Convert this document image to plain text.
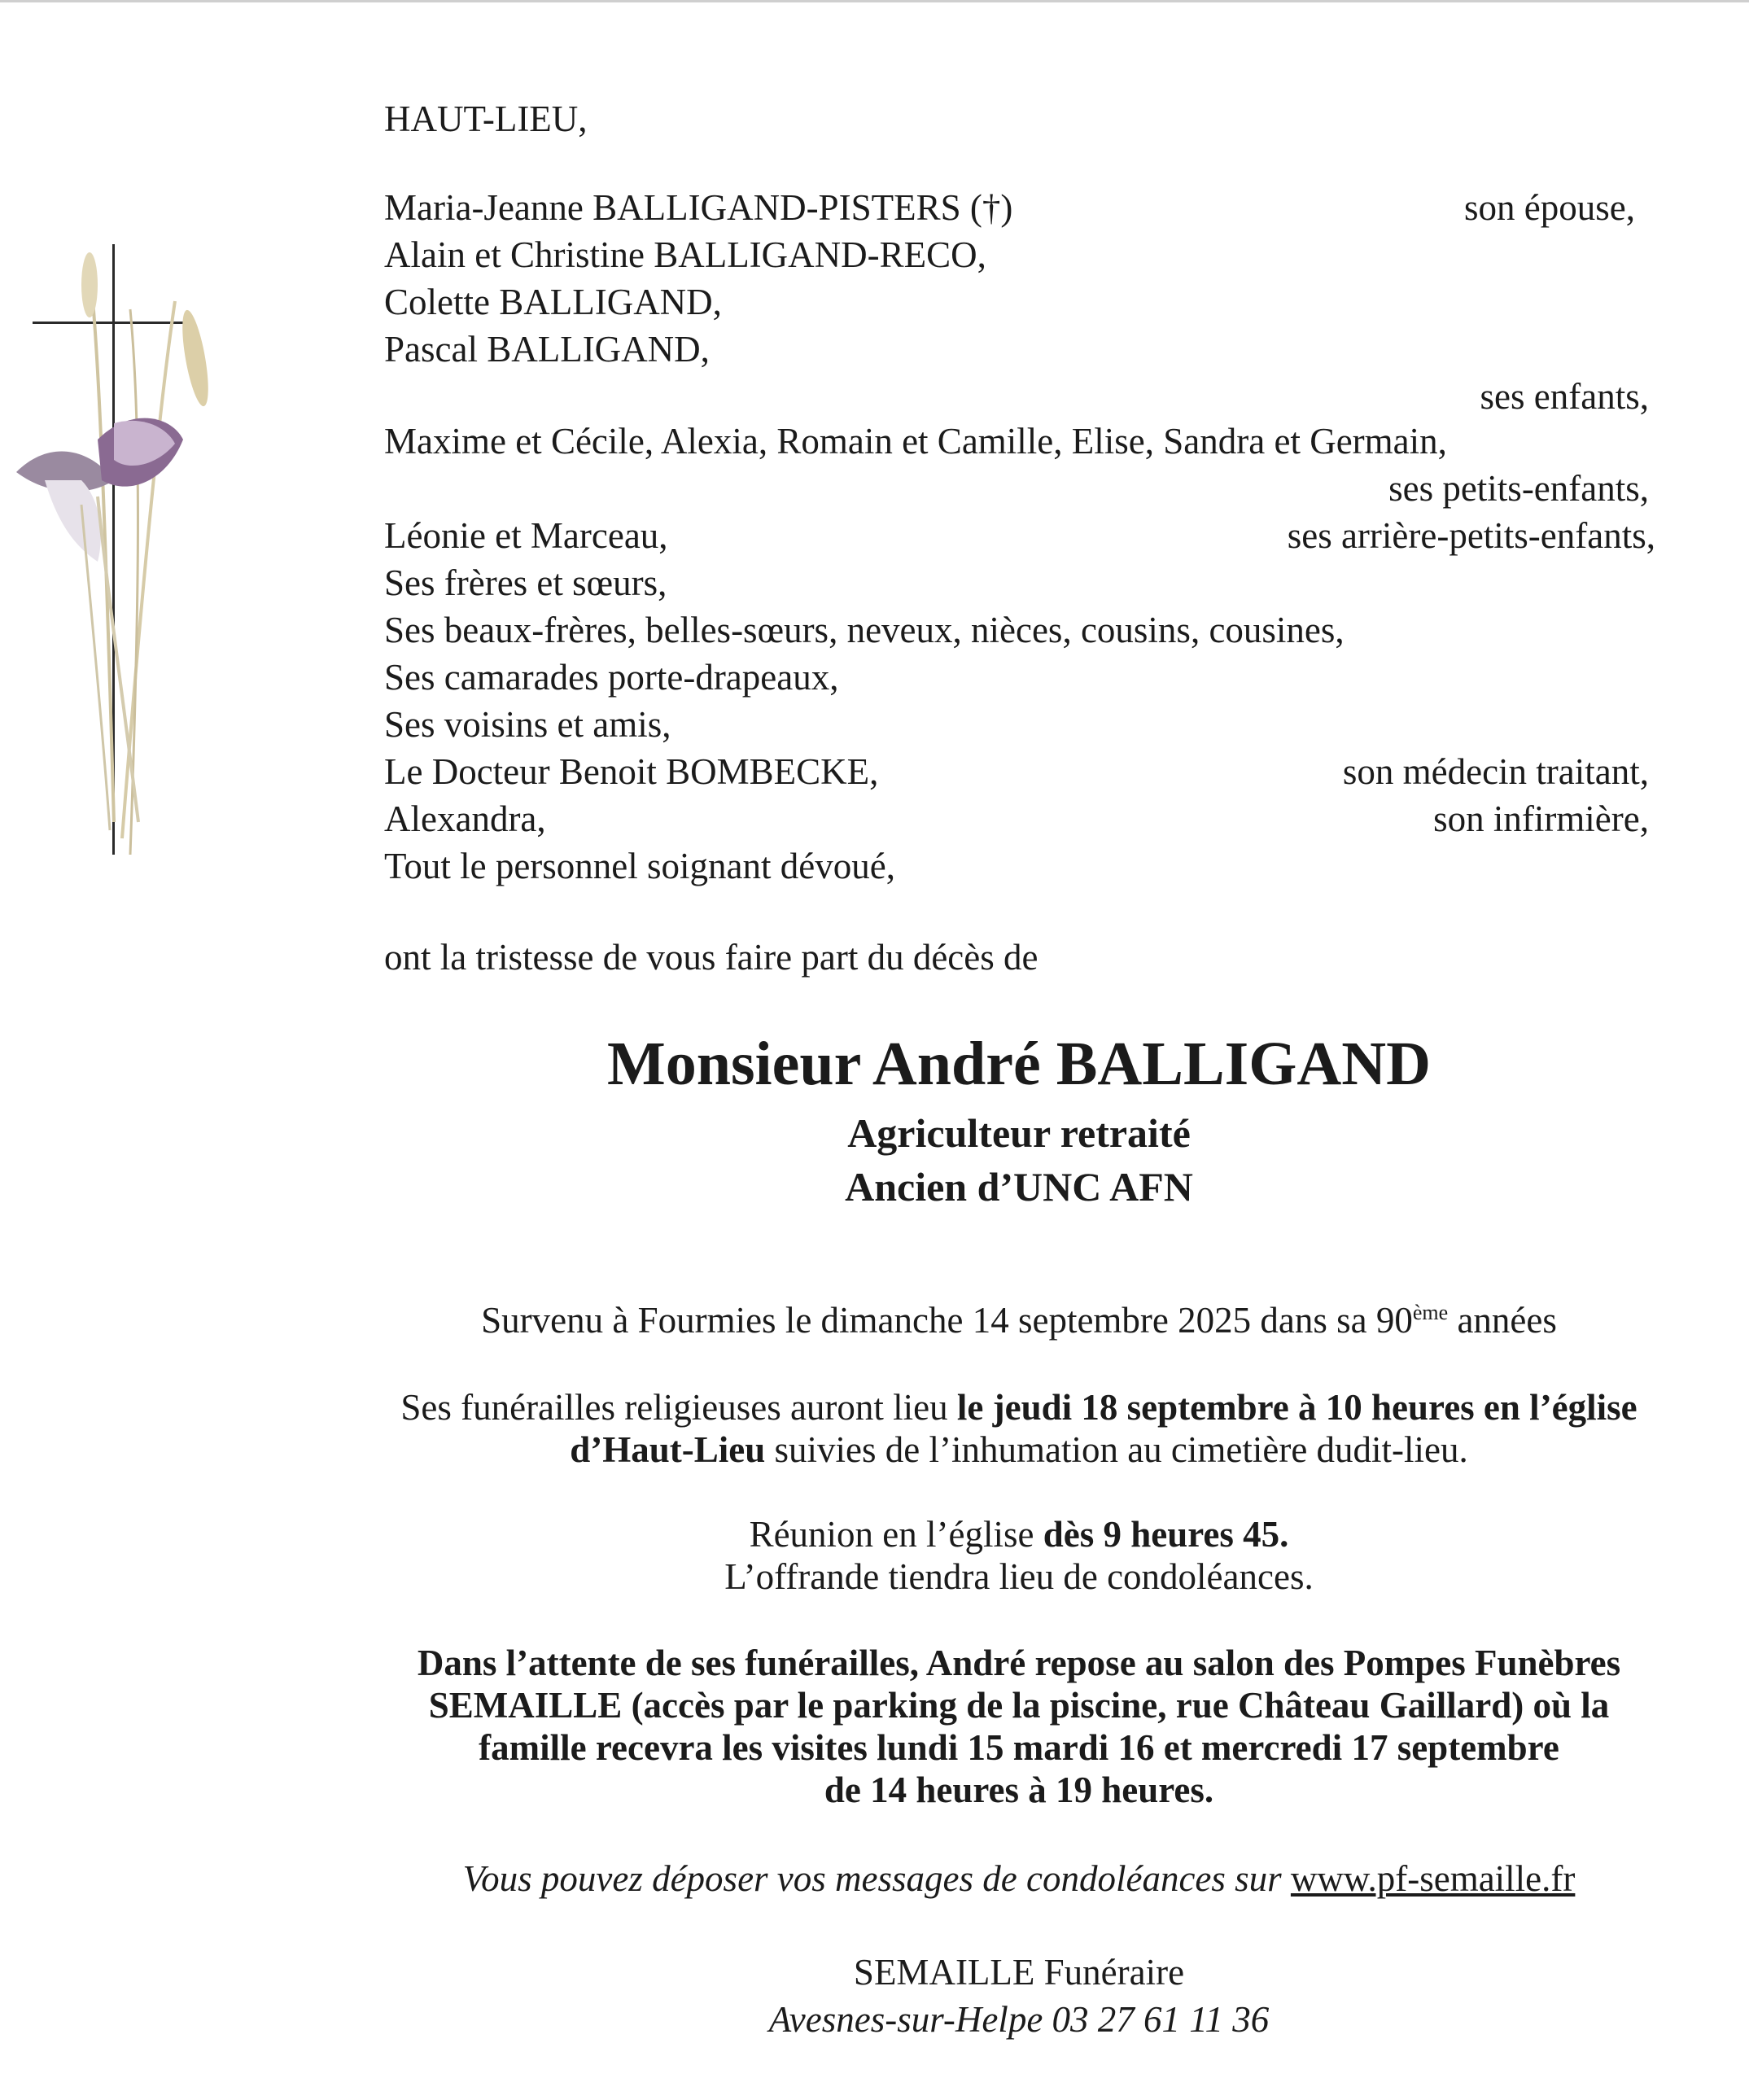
HAUT-LIEU,
Maria-Jeanne BALLIGAND-PISTERS (†)	son épouse,
Alain et Christine BALLIGAND-RECO,
Colette BALLIGAND,
Pascal BALLIGAND,
ses enfants,
Maxime et Cécile, Alexia, Romain et Camille, Elise, Sandra et Germain,
ses petits-enfants,
Léonie et Marceau,	ses arrière-petits-enfants,
Ses frères et sœurs,
Ses beaux-frères, belles-sœurs, neveux, nièces, cousins, cousines,
Ses camarades porte-drapeaux,
Ses voisins et amis,
Le Docteur Benoit BOMBECKE,	son médecin traitant,
Alexandra,	son infirmière,
Tout le personnel soignant dévoué,
ont la tristesse de vous faire part du décès de
Monsieur André BALLIGAND
Agriculteur retraité
Ancien d’UNC AFN
Survenu à Fourmies le dimanche 14 septembre 2025 dans sa 90ème années
Ses funérailles religieuses auront lieu le jeudi 18 septembre à 10 heures en l’église
d’Haut-Lieu suivies de l’inhumation au cimetière dudit-lieu.
Réunion en l’église dès 9 heures 45.
L’offrande tiendra lieu de condoléances.
Dans l’attente de ses funérailles, André repose au salon des Pompes Funèbres
SEMAILLE (accès par le parking de la piscine, rue Château Gaillard) où la
famille recevra les visites lundi 15 mardi 16 et mercredi 17 septembre
de 14 heures à 19 heures.
Vous pouvez déposer vos messages de condoléances sur www.pf-semaille.fr
SEMAILLE Funéraire
Avesnes-sur-Helpe 03 27 61 11 36
